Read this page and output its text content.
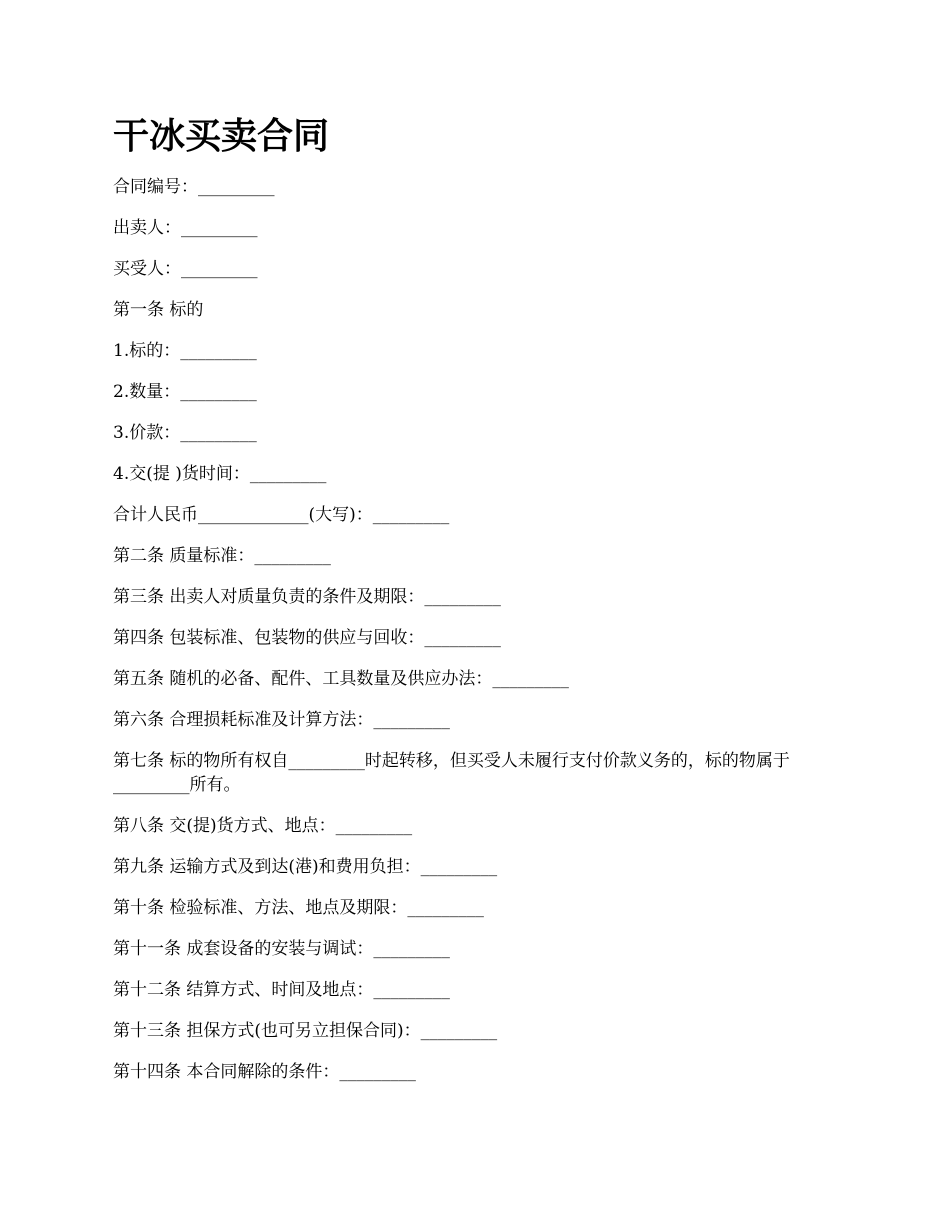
干冰买卖合同

合同编号：_________

出卖人：_________

买受人：_________

第一条 标的

1.标的：_________

2.数量：_________

3.价款：_________

4.交(提 )货时间：_________

合计人民币_____________(大写)：_________

第二条 质量标准：_________

第三条 出卖人对质量负责的条件及期限：_________

第四条 包装标准、包装物的供应与回收：_________

第五条 随机的必备、配件、工具数量及供应办法：_________

第六条 合理损耗标准及计算方法：_________

第七条 标的物所有权自_________时起转移，但买受人未履行支付价款义务的，标的物属于_________所有。

第八条 交(提)货方式、地点：_________

第九条 运输方式及到达(港)和费用负担：_________

第十条 检验标准、方法、地点及期限：_________

第十一条 成套设备的安装与调试：_________

第十二条 结算方式、时间及地点：_________

第十三条 担保方式(也可另立担保合同)：_________

第十四条 本合同解除的条件：_________
